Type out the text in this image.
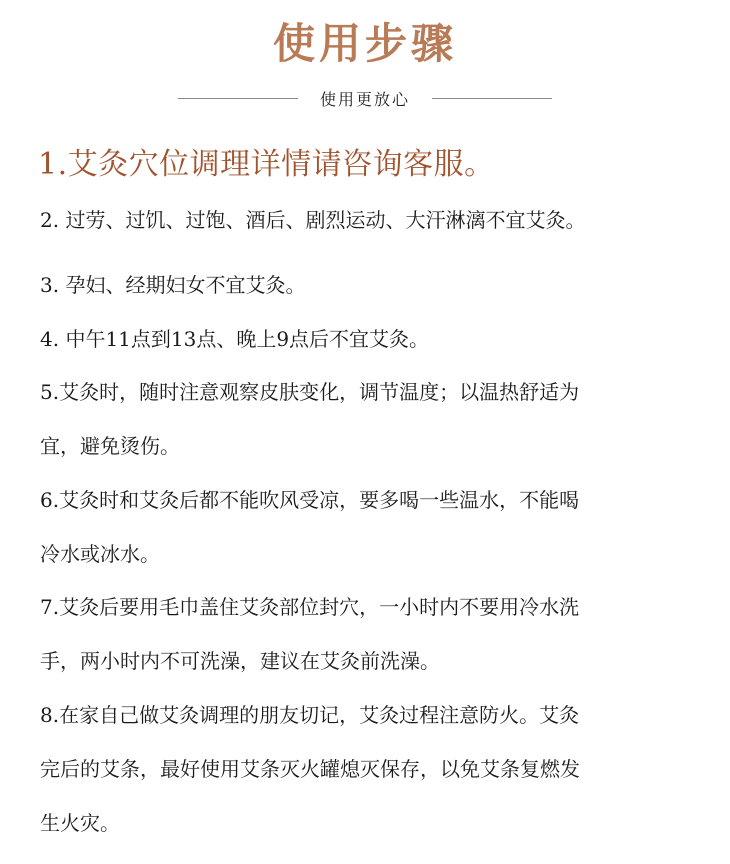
使用步骤
使用更放心
1.艾灸穴位调理详情请咨询客服。
2. 过劳、过饥、过饱、酒后、剧烈运动、大汗淋漓不宜艾灸。
3. 孕妇、经期妇女不宜艾灸。
4. 中午11点到13点、晚上9点后不宜艾灸。
5.艾灸时，随时注意观察皮肤变化，调节温度；以温热舒适为
宜，避免烫伤。
6.艾灸时和艾灸后都不能吹风受凉，要多喝一些温水，不能喝
冷水或冰水。
7.艾灸后要用毛巾盖住艾灸部位封穴，一小时内不要用冷水洗
手，两小时内不可洗澡，建议在艾灸前洗澡。
8.在家自己做艾灸调理的朋友切记，艾灸过程注意防火。艾灸
完后的艾条，最好使用艾条灭火罐熄灭保存，以免艾条复燃发
生火灾。
